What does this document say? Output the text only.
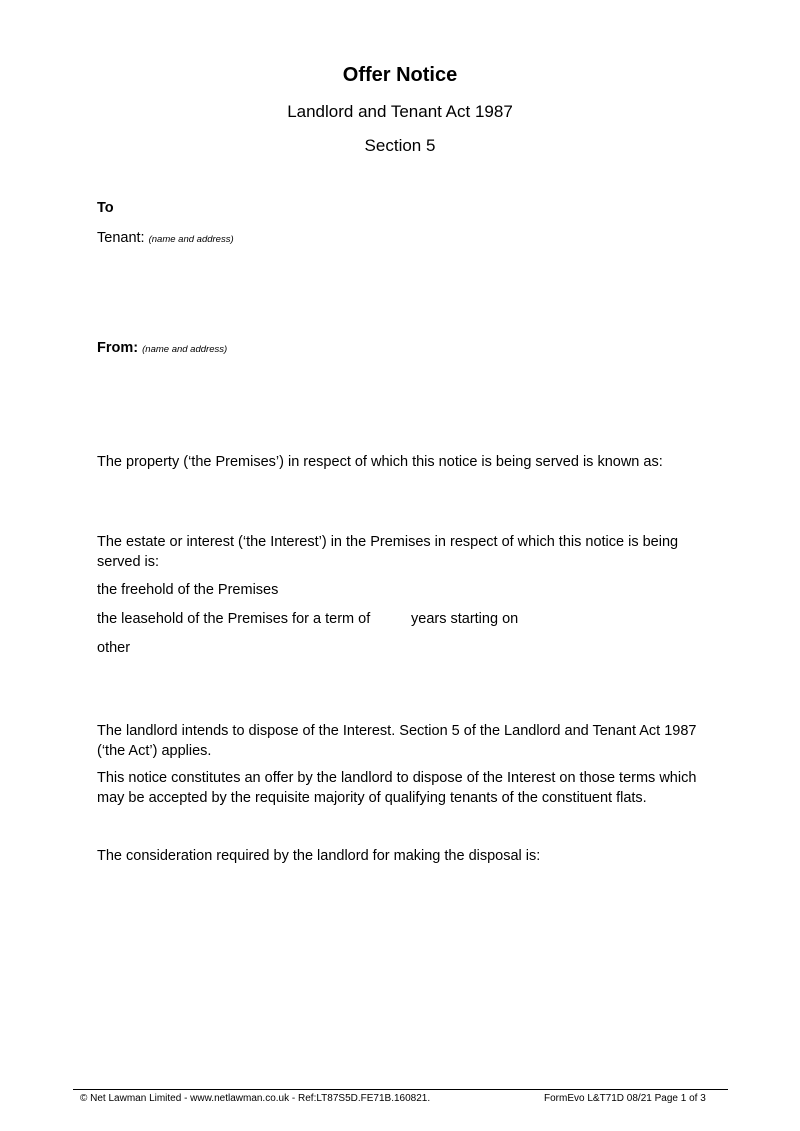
Offer Notice
Landlord and Tenant Act 1987
Section 5
To
Tenant: (name and address)
From: (name and address)
The property (‘the Premises’) in respect of which this notice is being served is known as:
The estate or interest (‘the Interest’) in the Premises in respect of which this notice is being served is:
the freehold of the Premises
the leasehold of the Premises for a term of	years starting on
other
The landlord intends to dispose of the Interest. Section 5 of the Landlord and Tenant Act 1987 (‘the Act’) applies.
This notice constitutes an offer by the landlord to dispose of the Interest on those terms which may be accepted by the requisite majority of qualifying tenants of the constituent flats.
The consideration required by the landlord for making the disposal is:
© Net Lawman Limited - www.netlawman.co.uk - Ref:LT87S5D.FE71B.160821.	FormEvo L&T71D 08/21 Page 1 of 3
